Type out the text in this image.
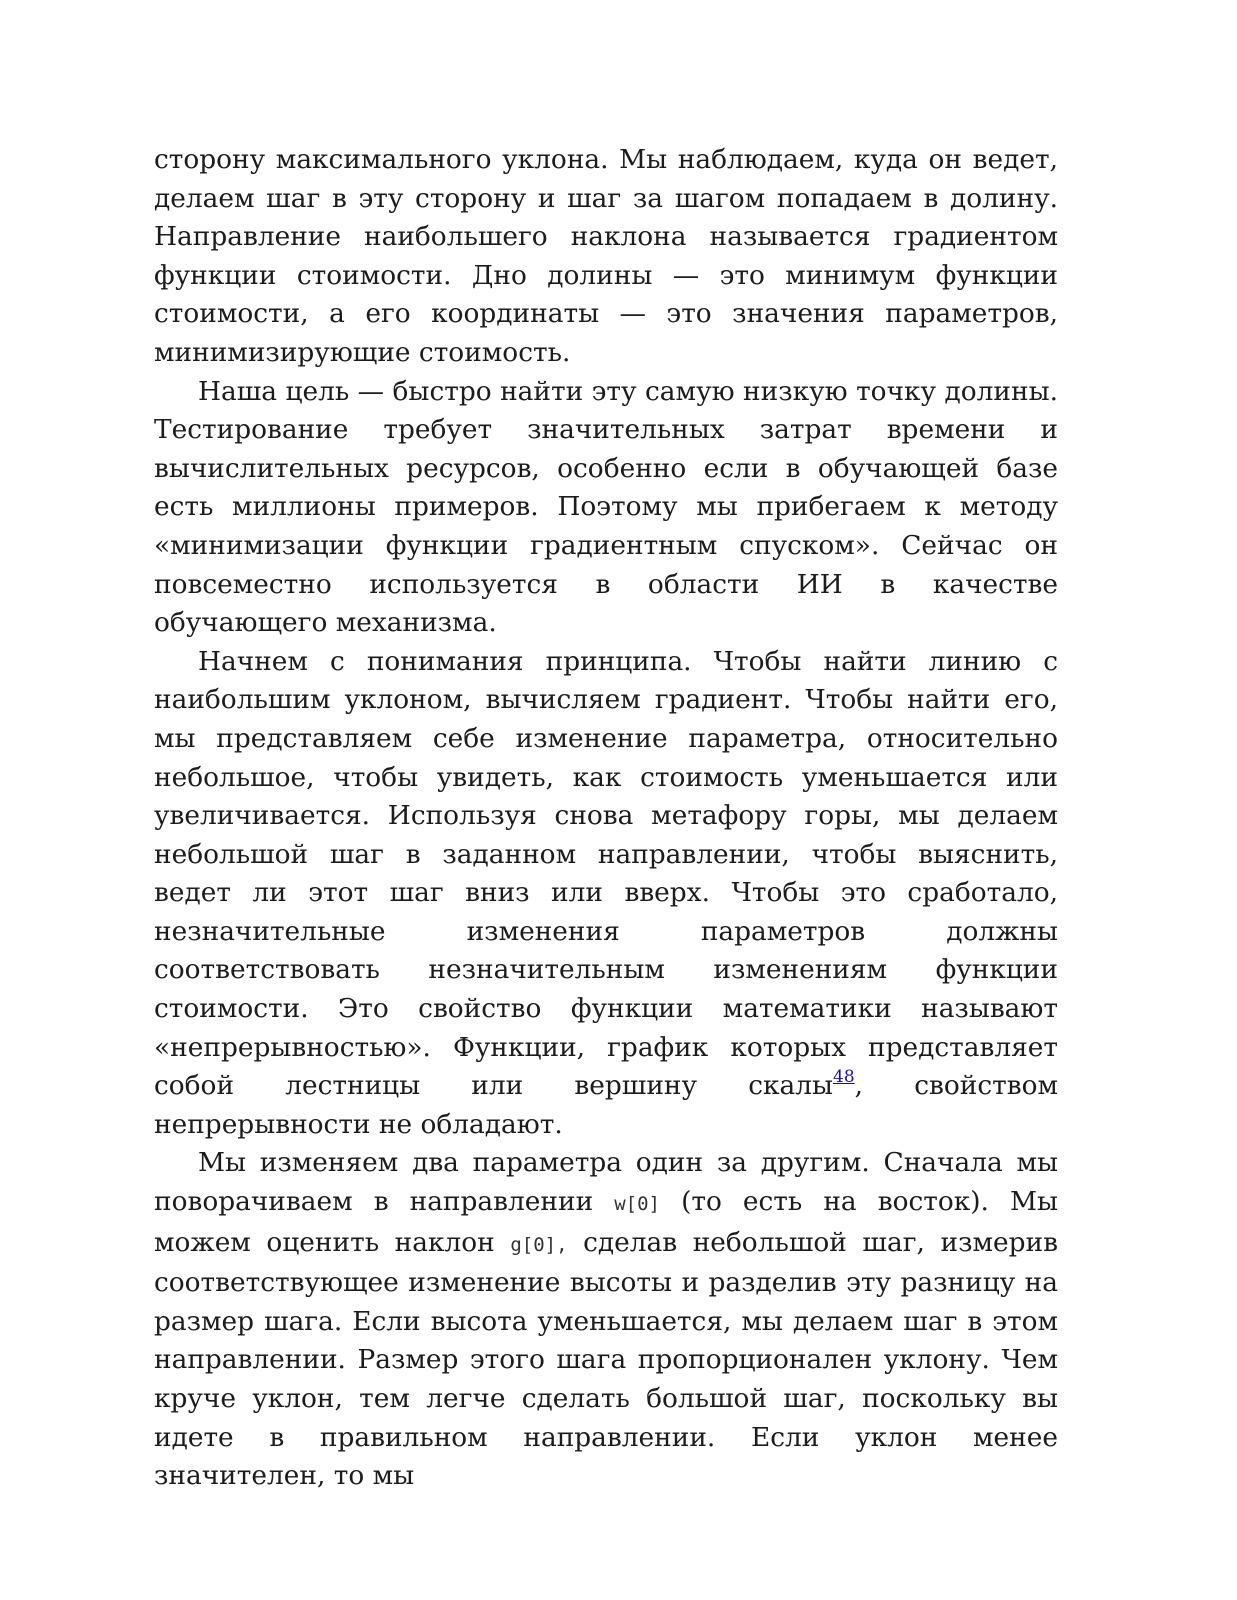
сторону максимального уклона. Мы наблюдаем, куда он ведет, делаем шаг в эту сторону и шаг за шагом попадаем в долину. Направление наибольшего наклона называется градиентом функции стоимости. Дно долины — это минимум функции стоимости, а его координаты — это значения параметров, минимизирующие стоимость.

Наша цель — быстро найти эту самую низкую точку долины. Тестирование требует значительных затрат времени и вычислительных ресурсов, особенно если в обучающей базе есть миллионы примеров. Поэтому мы прибегаем к методу «минимизации функции градиентным спуском». Сейчас он повсеместно используется в области ИИ в качестве обучающего механизма.

Начнем с понимания принципа. Чтобы найти линию с наибольшим уклоном, вычисляем градиент. Чтобы найти его, мы представляем себе изменение параметра, относительно небольшое, чтобы увидеть, как стоимость уменьшается или увеличивается. Используя снова метафору горы, мы делаем небольшой шаг в заданном направлении, чтобы выяснить, ведет ли этот шаг вниз или вверх. Чтобы это сработало, незначительные изменения параметров должны соответствовать незначительным изменениям функции стоимости. Это свойство функции математики называют «непрерывностью». Функции, график которых представляет собой лестницы или вершину скалы$^{48}$, свойством непрерывности не обладают.

Мы изменяем два параметра один за другим. Сначала мы поворачиваем в направлении w[0] (то есть на восток). Мы можем оценить наклон g[0], сделав небольшой шаг, измерив соответствующее изменение высоты и разделив эту разницу на размер шага. Если высота уменьшается, мы делаем шаг в этом направлении. Размер этого шага пропорционален уклону. Чем круче уклон, тем легче сделать большой шаг, поскольку вы идете в правильном направлении. Если уклон менее значителен, то мы
